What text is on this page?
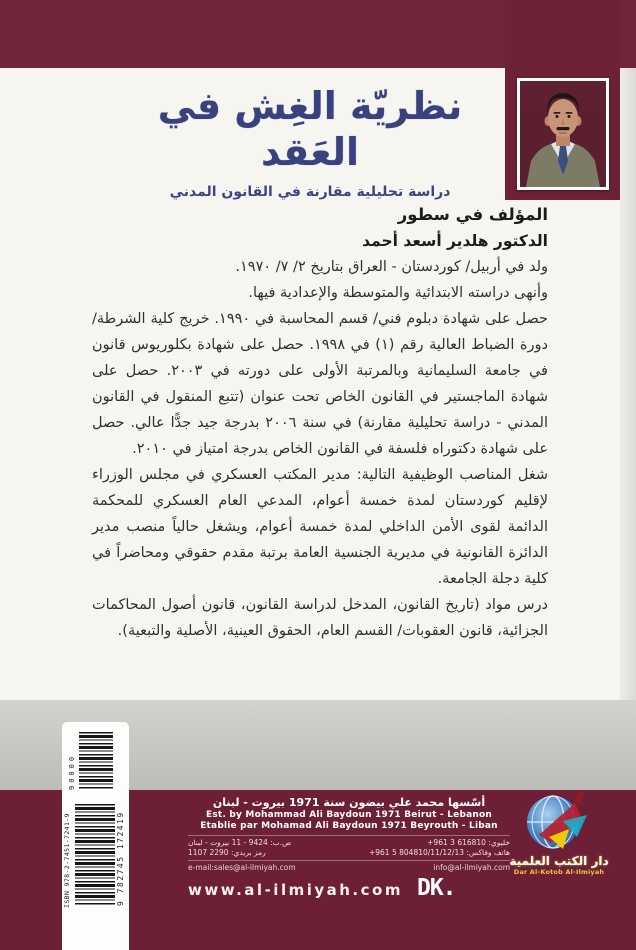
نظريّة الغِش في العَقد
دراسة تحليلية مقارنة في القانون المدني
المؤلف في سطور
الدكتور هلدير أسعد أحمد

ولد في أربيل/ كوردستان - العراق بتاريخ ٢/ ٧/ ١٩٧٠.

وأنهى دراسته الابتدائية والمتوسطة والإعدادية فيها.

حصل على شهادة دبلوم فني/ قسم المحاسبة في ١٩٩٠. خريج كلية الشرطة/ دورة الضباط العالية رقم (١) في ١٩٩٨. حصل على شهادة بكلوريوس قانون في جامعة السليمانية وبالمرتبة الأولى على دورته في ٢٠٠٣. حصل على شهادة الماجستير في القانون الخاص تحت عنوان (تتبع المنقول في القانون المدني - دراسة تحليلية مقارنة) في سنة ٢٠٠٦ بدرجة جيد جدًّا عالي. حصل على شهادة دكتوراه فلسفة في القانون الخاص بدرجة امتياز في ٢٠١٠.

شغل المناصب الوظيفية التالية: مدير المكتب العسكري في مجلس الوزراء لإقليم كوردستان لمدة خمسة أعوام، المدعي العام العسكري للمحكمة الدائمة لقوى الأمن الداخلي لمدة خمسة أعوام، ويشغل حالياً منصب مدير الدائرة القانونية في مديرية الجنسية العامة برتبة مقدم حقوقي ومحاضراً في كلية دجلة الجامعة.

درس مواد (تاريخ القانون، المدخل لدراسة القانون، قانون أصول المحاكمات الجزائية، قانون العقوبات/ القسم العام، الحقوق العينية، الأصلية والتبعية).

90000
ISBN 978-2-7451-7241-9	9 782745 172419
أسّسها محمد علي بيضون سنة 1971 بيروت - لبنان
Est. by Mohammad Ali Baydoun 1971 Beirut - Lebanon
Etablie par Mohamad Ali Baydoun 1971 Beyrouth - Liban
ص.ب: 9424 - 11 بيروت - لبنان
رمز بريدي: 2290 1107
خليوي: 616810 3 961+
هاتف وفاكس: 804810/11/12/13 5 961+
e-mail:sales@al-ilmiyah.com	info@al-ilmiyah.com
www.al-ilmiyah.com DK.
دار الكتب العلمية
Dar Al-Kotob Al-Ilmiyah
